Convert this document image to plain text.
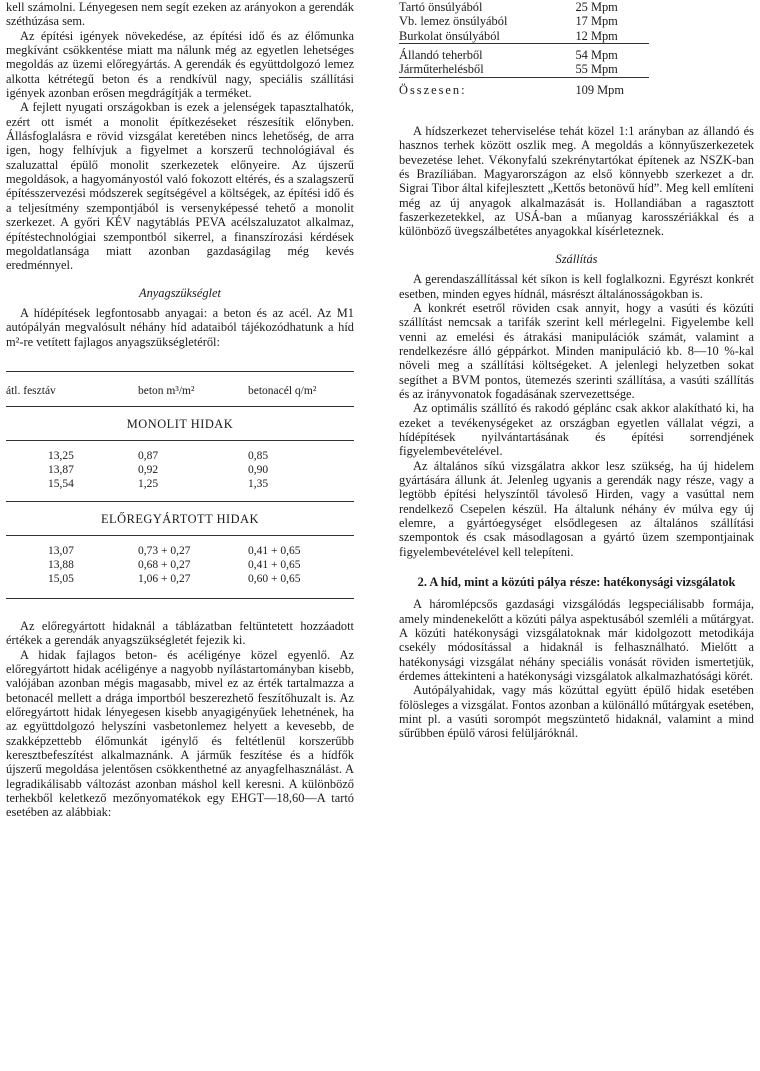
kell számolni. Lényegesen nem segít ezeken az arányokon a gerendák széthúzása sem.

Az építési igények növekedése, az építési idő és az élőmunka megkívánt csökkentése miatt ma nálunk még az egyetlen lehetséges megoldás az üzemi előregyártás. A gerendák és együttdolgozó lemez alkotta kétrétegű beton és a rendkívül nagy, speciális szállítási igények azonban erősen megdrágítják a terméket.

A fejlett nyugati országokban is ezek a jelenségek tapasztalhatók, ezért ott ismét a monolit építkezéseket részesítik előnyben. Állásfoglalásra e rövid vizsgálat keretében nincs lehetőség, de arra igen, hogy felhívjuk a figyelmet a korszerű technológiával és szaluzattal épülő monolit szerkezetek előnyeire. Az újszerű megoldások, a hagyományostól való fokozott eltérés, és a szalagszerű építésszervezési módszerek segítségével a költségek, az építési idő és a teljesítmény szempontjából is versenyképessé tehető a monolit szerkezet. A győri KÉV nagytáblás PEVA acélszaluzatot alkalmaz, építéstechnológiai szempontból sikerrel, a finanszírozási kérdések megoldatlansága miatt azonban gazdaságilag még kevés eredménnyel.

Anyagszükséglet

A hídépítések legfontosabb anyagai: a beton és az acél. Az M1 autópályán megvalósult néhány híd adataiból tájékozódhatunk a híd m²-re vetített fajlagos anyagszükségletéről:

átl. fesztáv	beton m³/m²	betonacél q/m²
MONOLIT HIDAK		
13,25	0,87	0,85
13,87	0,92	0,90
15,54	1,25	1,35
ELŐREGYÁRTOTT HIDAK		
13,07	0,73 + 0,27	0,41 + 0,65
13,88	0,68 + 0,27	0,41 + 0,65
15,05	1,06 + 0,27	0,60 + 0,65

Az előregyártott hidaknál a táblázatban feltüntetett hozzáadott értékek a gerendák anyagszükségletét fejezik ki.

A hidak fajlagos beton- és acéligénye közel egyenlő. Az előregyártott hidak acéligénye a nagyobb nyílástartományban kisebb, valójában azonban mégis magasabb, mivel ez az érték tartalmazza a betonacél mellett a drága importból beszerezhető feszítőhuzalt is. Az előregyártott hidak lényegesen kisebb anyagigényűek lehetnének, ha az együttdolgozó helyszíni vasbetonlemez helyett a kevesebb, de szakképzettebb élőmunkát igénylő és feltétlenül korszerűbb keresztbefeszítést alkalmaznánk. A járműk feszítése és a hídfők újszerű megoldása jelentősen csökkenthetné az anyagfelhasználást. A legradikálisabb változást azonban máshol kell keresni. A különböző terhekből keletkező mezőnyomatékok egy EHGT—18,60—A tartó esetében az alábbiak:

Tartó önsúlyából	25 Mpm
Vb. lemez önsúlyából	17 Mpm
Burkolat önsúlyából	12 Mpm
Állandó teherből	54 Mpm
Járműterhelésből	55 Mpm
Összesen:	109 Mpm

A hídszerkezet teherviselése tehát közel 1:1 arányban az állandó és hasznos terhek között oszlik meg. A megoldás a könnyűszerkezetek bevezetése lehet. Vékonyfalú szekrénytartókat építenek az NSZK-ban és Brazíliában. Magyarországon az első könnyebb szerkezet a dr. Sigrai Tibor által kifejlesztett „Kettős betonövű híd”. Meg kell említeni még az új anyagok alkalmazását is. Hollandiában a ragasztott faszerkezetekkel, az USÁ-ban a műanyag karosszériákkal és a különböző üvegszálbetétes anyagokkal kísérleteznek.

Szállítás

A gerendaszállítással két síkon is kell foglalkozni. Egyrészt konkrét esetben, minden egyes hídnál, másrészt általánosságokban is.

A konkrét esetről röviden csak annyit, hogy a vasúti és közúti szállítást nemcsak a tarifák szerint kell mérlegelni. Figyelembe kell venni az emelési és átrakási manipulációk számát, valamint a rendelkezésre álló géppárkot. Minden manipuláció kb. 8—10 %-kal növeli meg a szállítási költségeket. A jelenlegi helyzetben sokat segíthet a BVM pontos, ütemezés szerinti szállítása, a vasúti szállítás és az irányvonatok fogadásának szervezettsége.

Az optimális szállító és rakodó géplánc csak akkor alakítható ki, ha ezeket a tevékenységeket az országban egyetlen vállalat végzi, a hídépítések nyilvántartásának és építési sorrendjének figyelembevételével.

Az általános síkú vizsgálatra akkor lesz szükség, ha új hidelem gyártására állunk át. Jelenleg ugyanis a gerendák nagy része, vagy a legtöbb építési helyszíntől távoleső Hirden, vagy a vasúttal nem rendelkező Csepelen készül. Ha általunk néhány év múlva egy új elemre, a gyártóegységet elsődlegesen az általános szállítási szempontok és csak másodlagosan a gyártó üzem szempontjainak figyelembevételével kell telepíteni.

2. A híd, mint a közúti pálya része: hatékonysági vizsgálatok

A háromlépcsős gazdasági vizsgálódás legspeciálisabb formája, amely mindenekelőtt a közúti pálya aspektusából szemléli a műtárgyat. A közúti hatékonysági vizsgálatoknak már kidolgozott metodikája csekély módosítással a hidaknál is felhasználható. Mielőtt a hatékonysági vizsgálat néhány speciális vonását röviden ismertetjük, érdemes áttekinteni a hatékonysági vizsgálatok alkalmazhatósági körét.

Autópályahidak, vagy más közúttal együtt épülő hidak esetében fölösleges a vizsgálat. Fontos azonban a különálló műtárgyak esetében, mint pl. a vasúti sorompót megszüntető hidaknál, valamint a mind sűrűbben épülő városi felüljáróknál.
